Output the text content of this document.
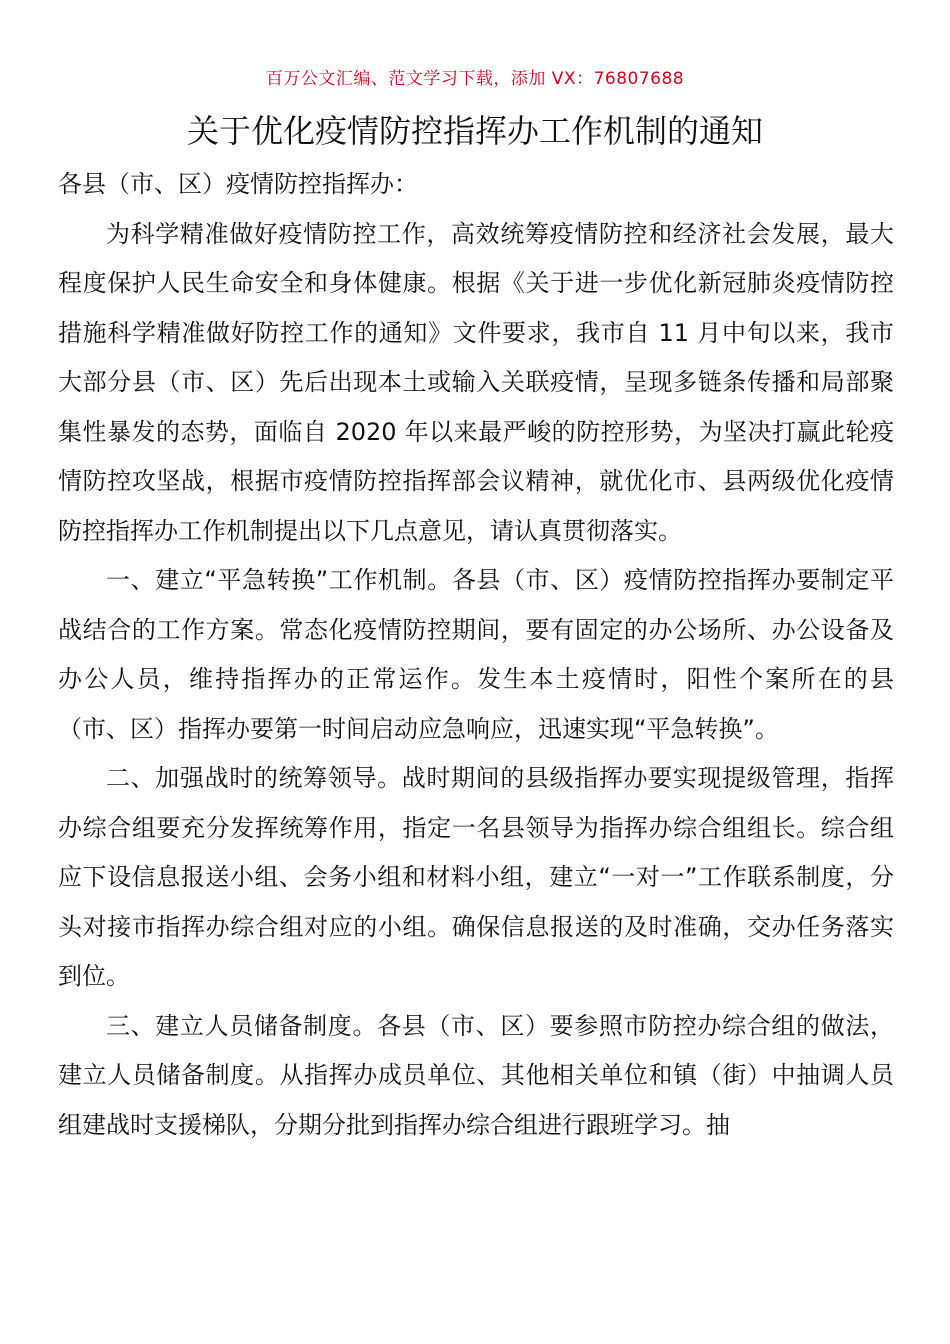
百万公文汇编、范文学习下载，添加 VX：76807688
关于优化疫情防控指挥办工作机制的通知

各县（市、区）疫情防控指挥办：

为科学精准做好疫情防控工作，高效统筹疫情防控和经济社会发展，最大程度保护人民生命安全和身体健康。根据《关于进一步优化新冠肺炎疫情防控措施科学精准做好防控工作的通知》文件要求，我市自 11 月中旬以来，我市大部分县（市、区）先后出现本土或输入关联疫情，呈现多链条传播和局部聚集性暴发的态势，面临自 2020 年以来最严峻的防控形势，为坚决打赢此轮疫情防控攻坚战，根据市疫情防控指挥部会议精神，就优化市、县两级优化疫情防控指挥办工作机制提出以下几点意见，请认真贯彻落实。

一、建立“平急转换”工作机制。各县（市、区）疫情防控指挥办要制定平战结合的工作方案。常态化疫情防控期间，要有固定的办公场所、办公设备及办公人员，维持指挥办的正常运作。发生本土疫情时，阳性个案所在的县（市、区）指挥办要第一时间启动应急响应，迅速实现“平急转换”。

二、加强战时的统筹领导。战时期间的县级指挥办要实现提级管理，指挥办综合组要充分发挥统筹作用，指定一名县领导为指挥办综合组组长。综合组应下设信息报送小组、会务小组和材料小组，建立“一对一”工作联系制度，分头对接市指挥办综合组对应的小组。确保信息报送的及时准确，交办任务落实到位。

三、建立人员储备制度。各县（市、区）要参照市防控办综合组的做法，建立人员储备制度。从指挥办成员单位、其他相关单位和镇（街）中抽调人员组建战时支援梯队，分期分批到指挥办综合组进行跟班学习。抽
